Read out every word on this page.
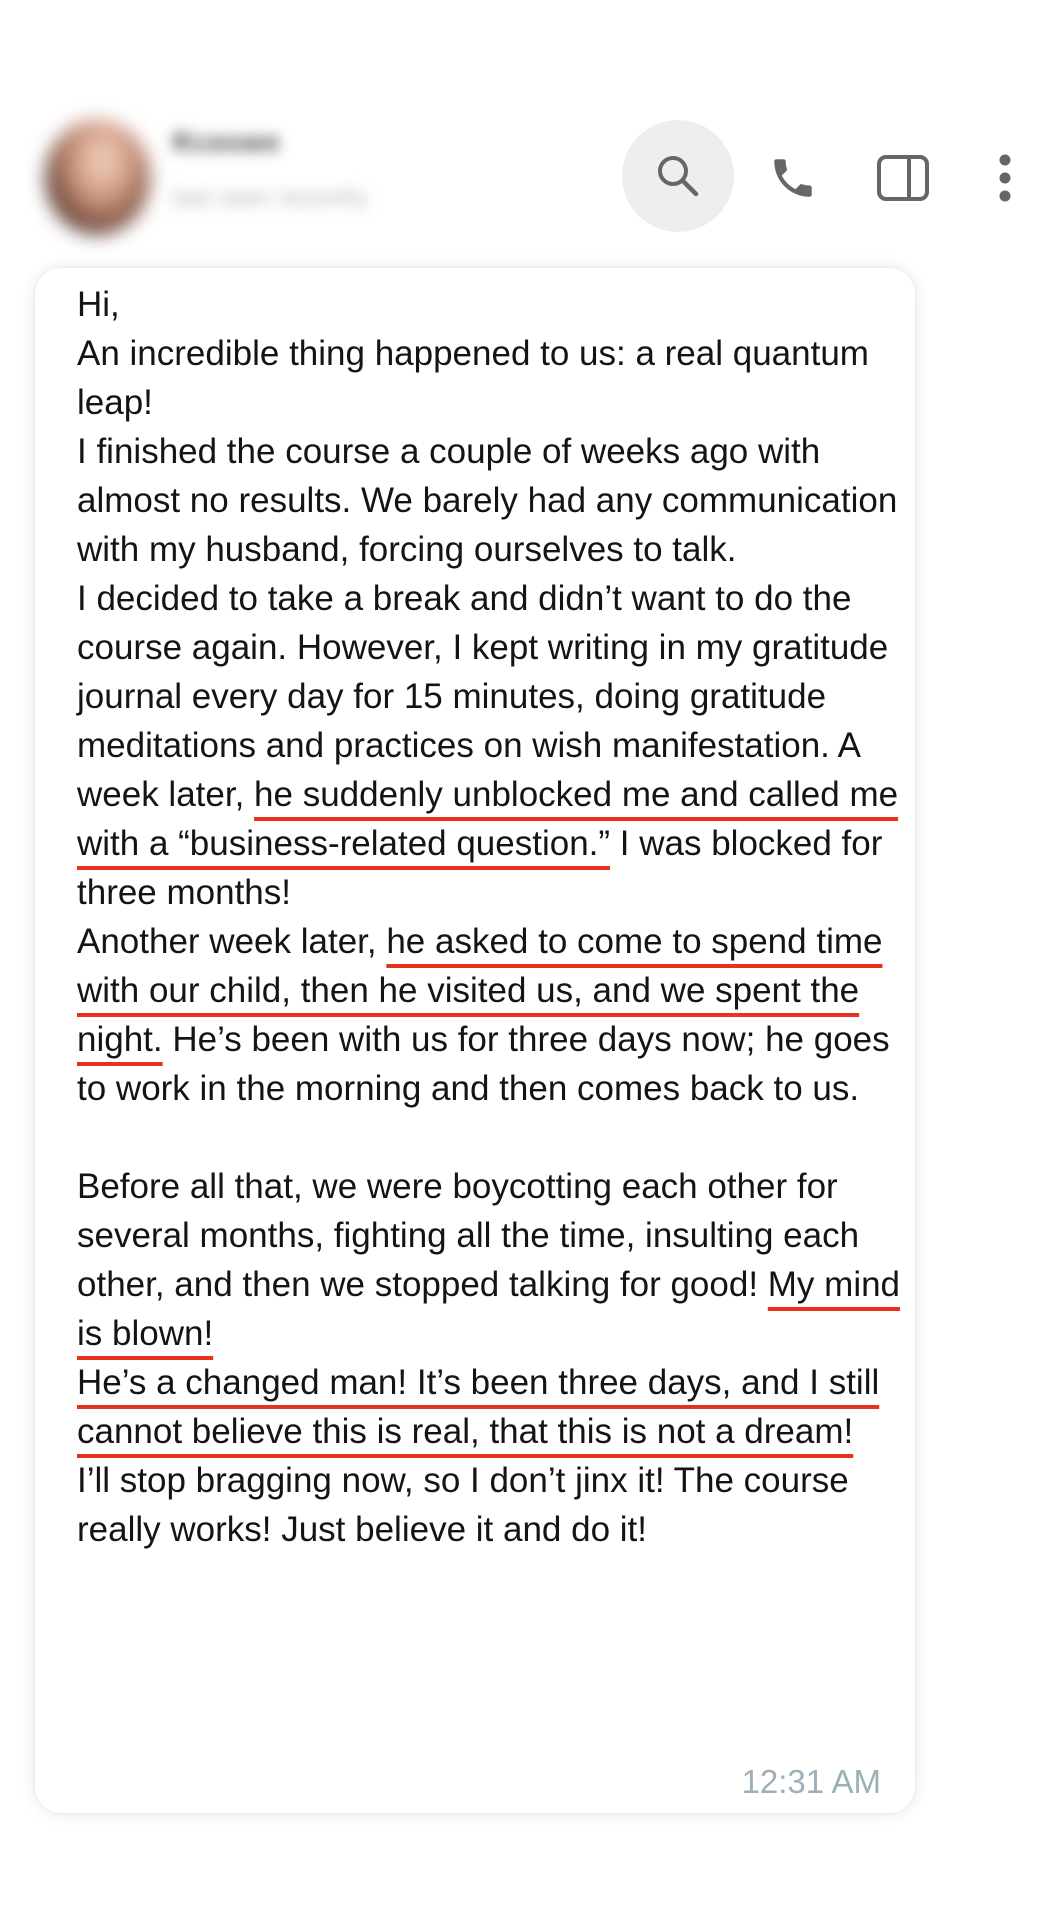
Ксения
last seen recently

Hi,

An incredible thing happened to us: a real quantum leap!

I finished the course a couple of weeks ago with almost no results. We barely had any communication with my husband, forcing ourselves to talk.

I decided to take a break and didn’t want to do the course again. However, I kept writing in my gratitude journal every day for 15 minutes, doing gratitude meditations and practices on wish manifestation. A week later, he suddenly unblocked me and called me with a “business-related question.” I was blocked for three months!

Another week later, he asked to come to spend time with our child, then he visited us, and we spent the night. He’s been with us for three days now; he goes to work in the morning and then comes back to us.

Before all that, we were boycotting each other for several months, fighting all the time, insulting each other, and then we stopped talking for good! My mind is blown!

He’s a changed man! It’s been three days, and I still cannot believe this is real, that this is not a dream!

I’ll stop bragging now, so I don’t jinx it! The course really works! Just believe it and do it!

12:31 AM
